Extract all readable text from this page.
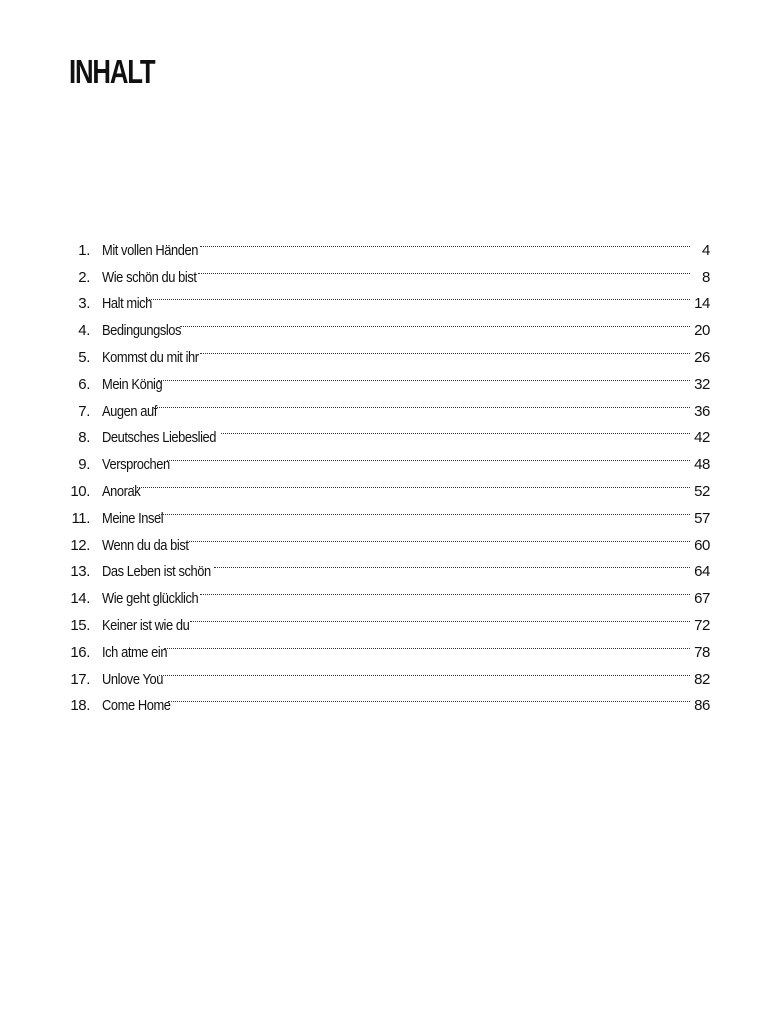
INHALT
1. Mit vollen Händen	4
2. Wie schön du bist	8
3. Halt mich	14
4. Bedingungslos	20
5. Kommst du mit ihr	26
6. Mein König	32
7. Augen auf	36
8. Deutsches Liebeslied	42
9. Versprochen	48
10. Anorak	52
11. Meine Insel	57
12. Wenn du da bist	60
13. Das Leben ist schön	64
14. Wie geht glücklich	67
15. Keiner ist wie du	72
16. Ich atme ein	78
17. Unlove You	82
18. Come Home	86
